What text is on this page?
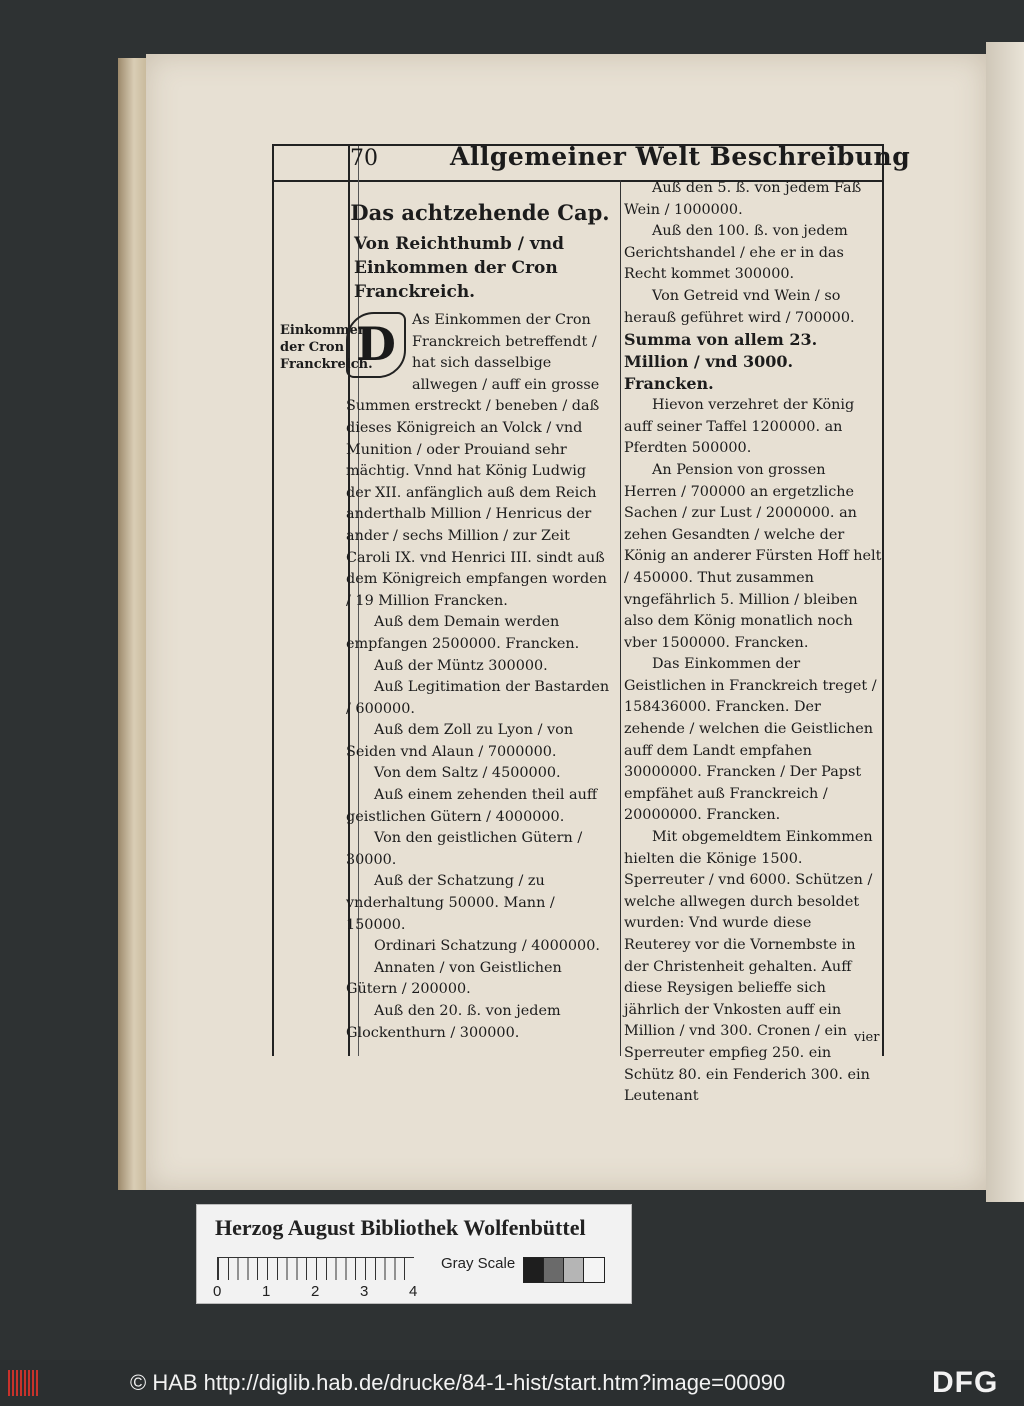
70	Allgemeiner Welt Beschreibung
Einkommen der Cron Franckreich.
Das achtzehende Cap.
Von Reichthumb / vnd Einkommen der Cron Franckreich.

D	As Einkommen der Cron Franckreich betreffendt / hat sich dasselbige allwegen / auff ein grosse Summen erstreckt / beneben / daß dieses Königreich an Volck / vnd Munition / oder Prouiand sehr mächtig. Vnnd hat König Ludwig der XII. anfänglich auß dem Reich anderthalb Million / Henricus der ander / sechs Million / zur Zeit Caroli IX. vnd Henrici III. sindt auß dem Königreich empfangen worden / 19 Million Francken.

Auß dem Demain werden empfangen 2500000. Francken.

Auß der Müntz 300000.

Auß Legitimation der Bastarden / 600000.

Auß dem Zoll zu Lyon / von Seiden vnd Alaun / 7000000.

Von dem Saltz / 4500000.

Auß einem zehenden theil auff geistlichen Gütern / 4000000.

Von den geistlichen Gütern / 30000.

Auß der Schatzung / zu vnderhaltung 50000. Mann / 150000.

Ordinari Schatzung / 4000000.

Annaten / von Geistlichen Gütern / 200000.

Auß den 20. ß. von jedem Glockenthurn / 300000.

Auß den 5. ß. von jedem Faß Wein / 1000000.

Auß den 100. ß. von jedem Gerichtshandel / ehe er in das Recht kommet 300000.

Von Getreid vnd Wein / so herauß geführet wird / 700000.

Summa von allem 23. Million / vnd 3000. Francken.

Hievon verzehret der König auff seiner Taffel 1200000. an Pferdten 500000.

An Pension von grossen Herren / 700000 an ergetzliche Sachen / zur Lust / 2000000. an zehen Gesandten / welche der König an anderer Fürsten Hoff helt / 450000. Thut zusammen vngefährlich 5. Million / bleiben also dem König monatlich noch vber 1500000. Francken.

Das Einkommen der Geistlichen in Franckreich treget / 158436000. Francken. Der zehende / welchen die Geistlichen auff dem Landt empfahen 30000000. Francken / Der Papst empfähet auß Franckreich / 20000000. Francken.

Mit obgemeldtem Einkommen hielten die Könige 1500. Sperreuter / vnd 6000. Schützen / welche allwegen durch besoldet wurden: Vnd wurde diese Reuterey vor die Vornembste in der Christenheit gehalten. Auff diese Reysigen belieffe sich jährlich der Vnkosten auff ein Million / vnd 300. Cronen / ein Sperreuter empfieg 250. ein Schütz 80. ein Fenderich 300. ein Leutenant

vier
Herzog August Bibliothek Wolfenbüttel
0	1	2	3	4
Gray Scale
© HAB http://diglib.hab.de/drucke/84-1-hist/start.htm?image=00090	DFG
